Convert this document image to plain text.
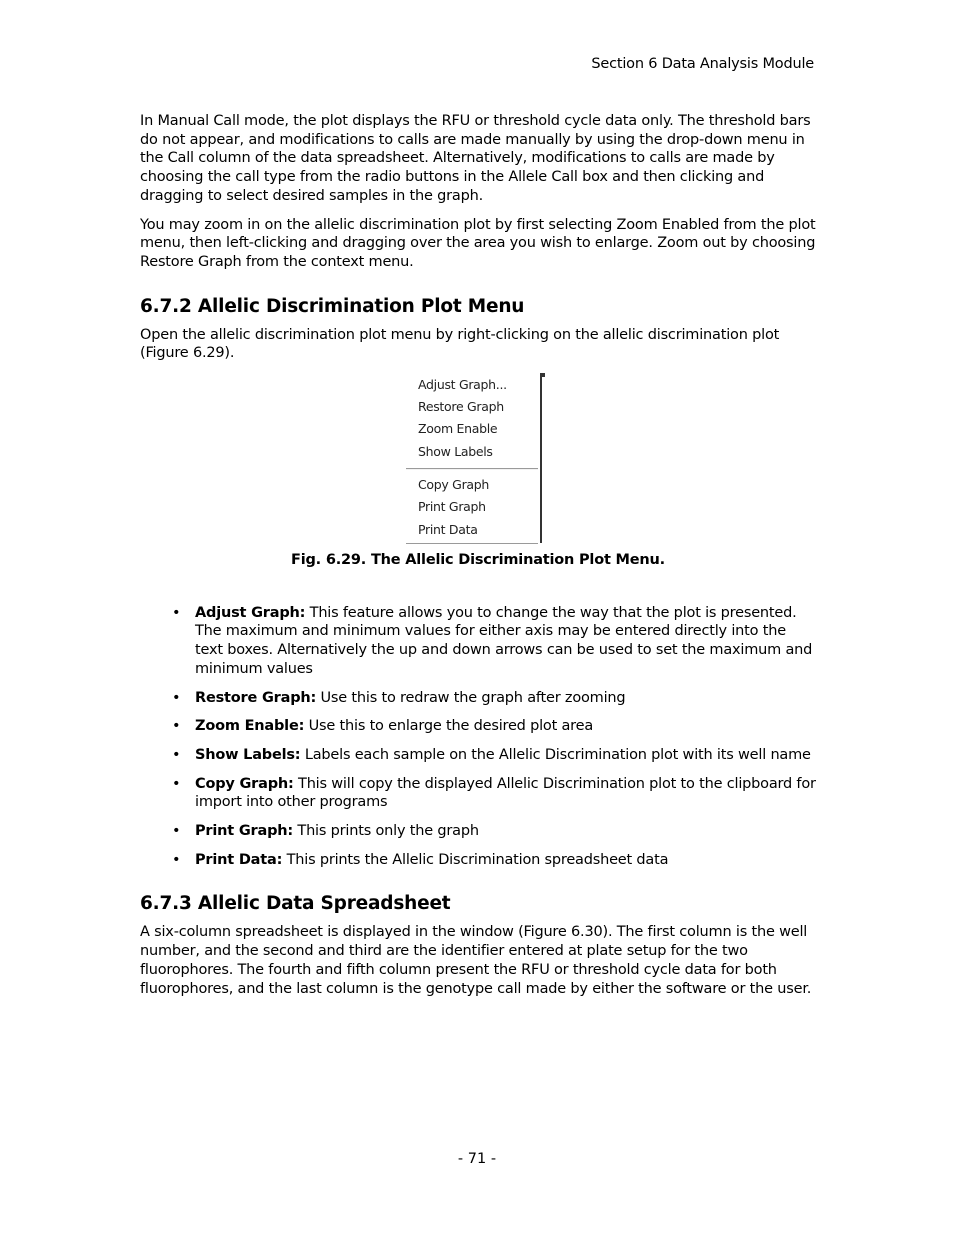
Section 6 Data Analysis Module

In Manual Call mode, the plot displays the RFU or threshold cycle data only. The threshold bars do not appear, and modifications to calls are made manually by using the drop-down menu in the Call column of the data spreadsheet. Alternatively, modifications to calls are made by choosing the call type from the radio buttons in the Allele Call box and then clicking and dragging to select desired samples in the graph.

You may zoom in on the allelic discrimination plot by first selecting Zoom Enabled from the plot menu, then left-clicking and dragging over the area you wish to enlarge. Zoom out by choosing Restore Graph from the context menu.

6.7.2 Allelic Discrimination Plot Menu

Open the allelic discrimination plot menu by right-clicking on the allelic discrimination plot (Figure 6.29).

Adjust Graph...
Restore Graph
Zoom Enable
Show Labels
Copy Graph
Print Graph
Print Data
Fig. 6.29. The Allelic Discrimination Plot Menu.
• Adjust Graph: This feature allows you to change the way that the plot is presented. The maximum and minimum values for either axis may be entered directly into the text boxes. Alternatively the up and down arrows can be used to set the maximum and minimum values
• Restore Graph: Use this to redraw the graph after zooming
• Zoom Enable: Use this to enlarge the desired plot area
• Show Labels: Labels each sample on the Allelic Discrimination plot with its well name
• Copy Graph: This will copy the displayed Allelic Discrimination plot to the clipboard for import into other programs
• Print Graph: This prints only the graph
• Print Data: This prints the Allelic Discrimination spreadsheet data
6.7.3 Allelic Data Spreadsheet

A six-column spreadsheet is displayed in the window (Figure 6.30). The first column is the well number, and the second and third are the identifier entered at plate setup for the two fluorophores. The fourth and fifth column present the RFU or threshold cycle data for both fluorophores, and the last column is the genotype call made by either the software or the user.

- 71 -
